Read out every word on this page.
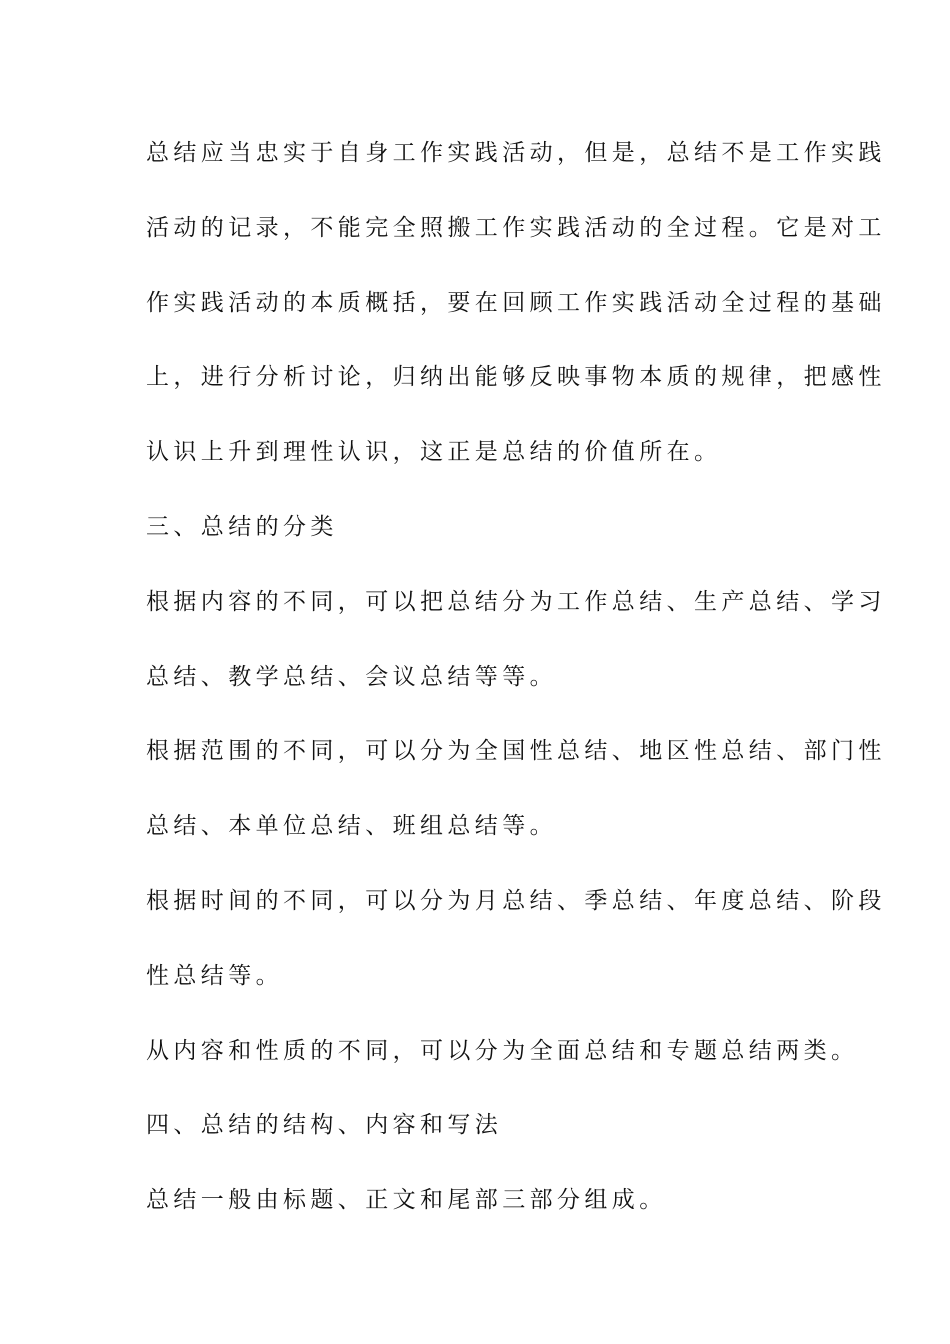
总结应当忠实于自身工作实践活动，但是，总结不是工作实践
活动的记录，不能完全照搬工作实践活动的全过程。它是对工
作实践活动的本质概括，要在回顾工作实践活动全过程的基础
上，进行分析讨论，归纳出能够反映事物本质的规律，把感性
认识上升到理性认识，这正是总结的价值所在。
三、总结的分类
根据内容的不同，可以把总结分为工作总结、生产总结、学习
总结、教学总结、会议总结等等。
根据范围的不同，可以分为全国性总结、地区性总结、部门性
总结、本单位总结、班组总结等。
根据时间的不同，可以分为月总结、季总结、年度总结、阶段
性总结等。
从内容和性质的不同，可以分为全面总结和专题总结两类。
四、总结的结构、内容和写法
总结一般由标题、正文和尾部三部分组成。
